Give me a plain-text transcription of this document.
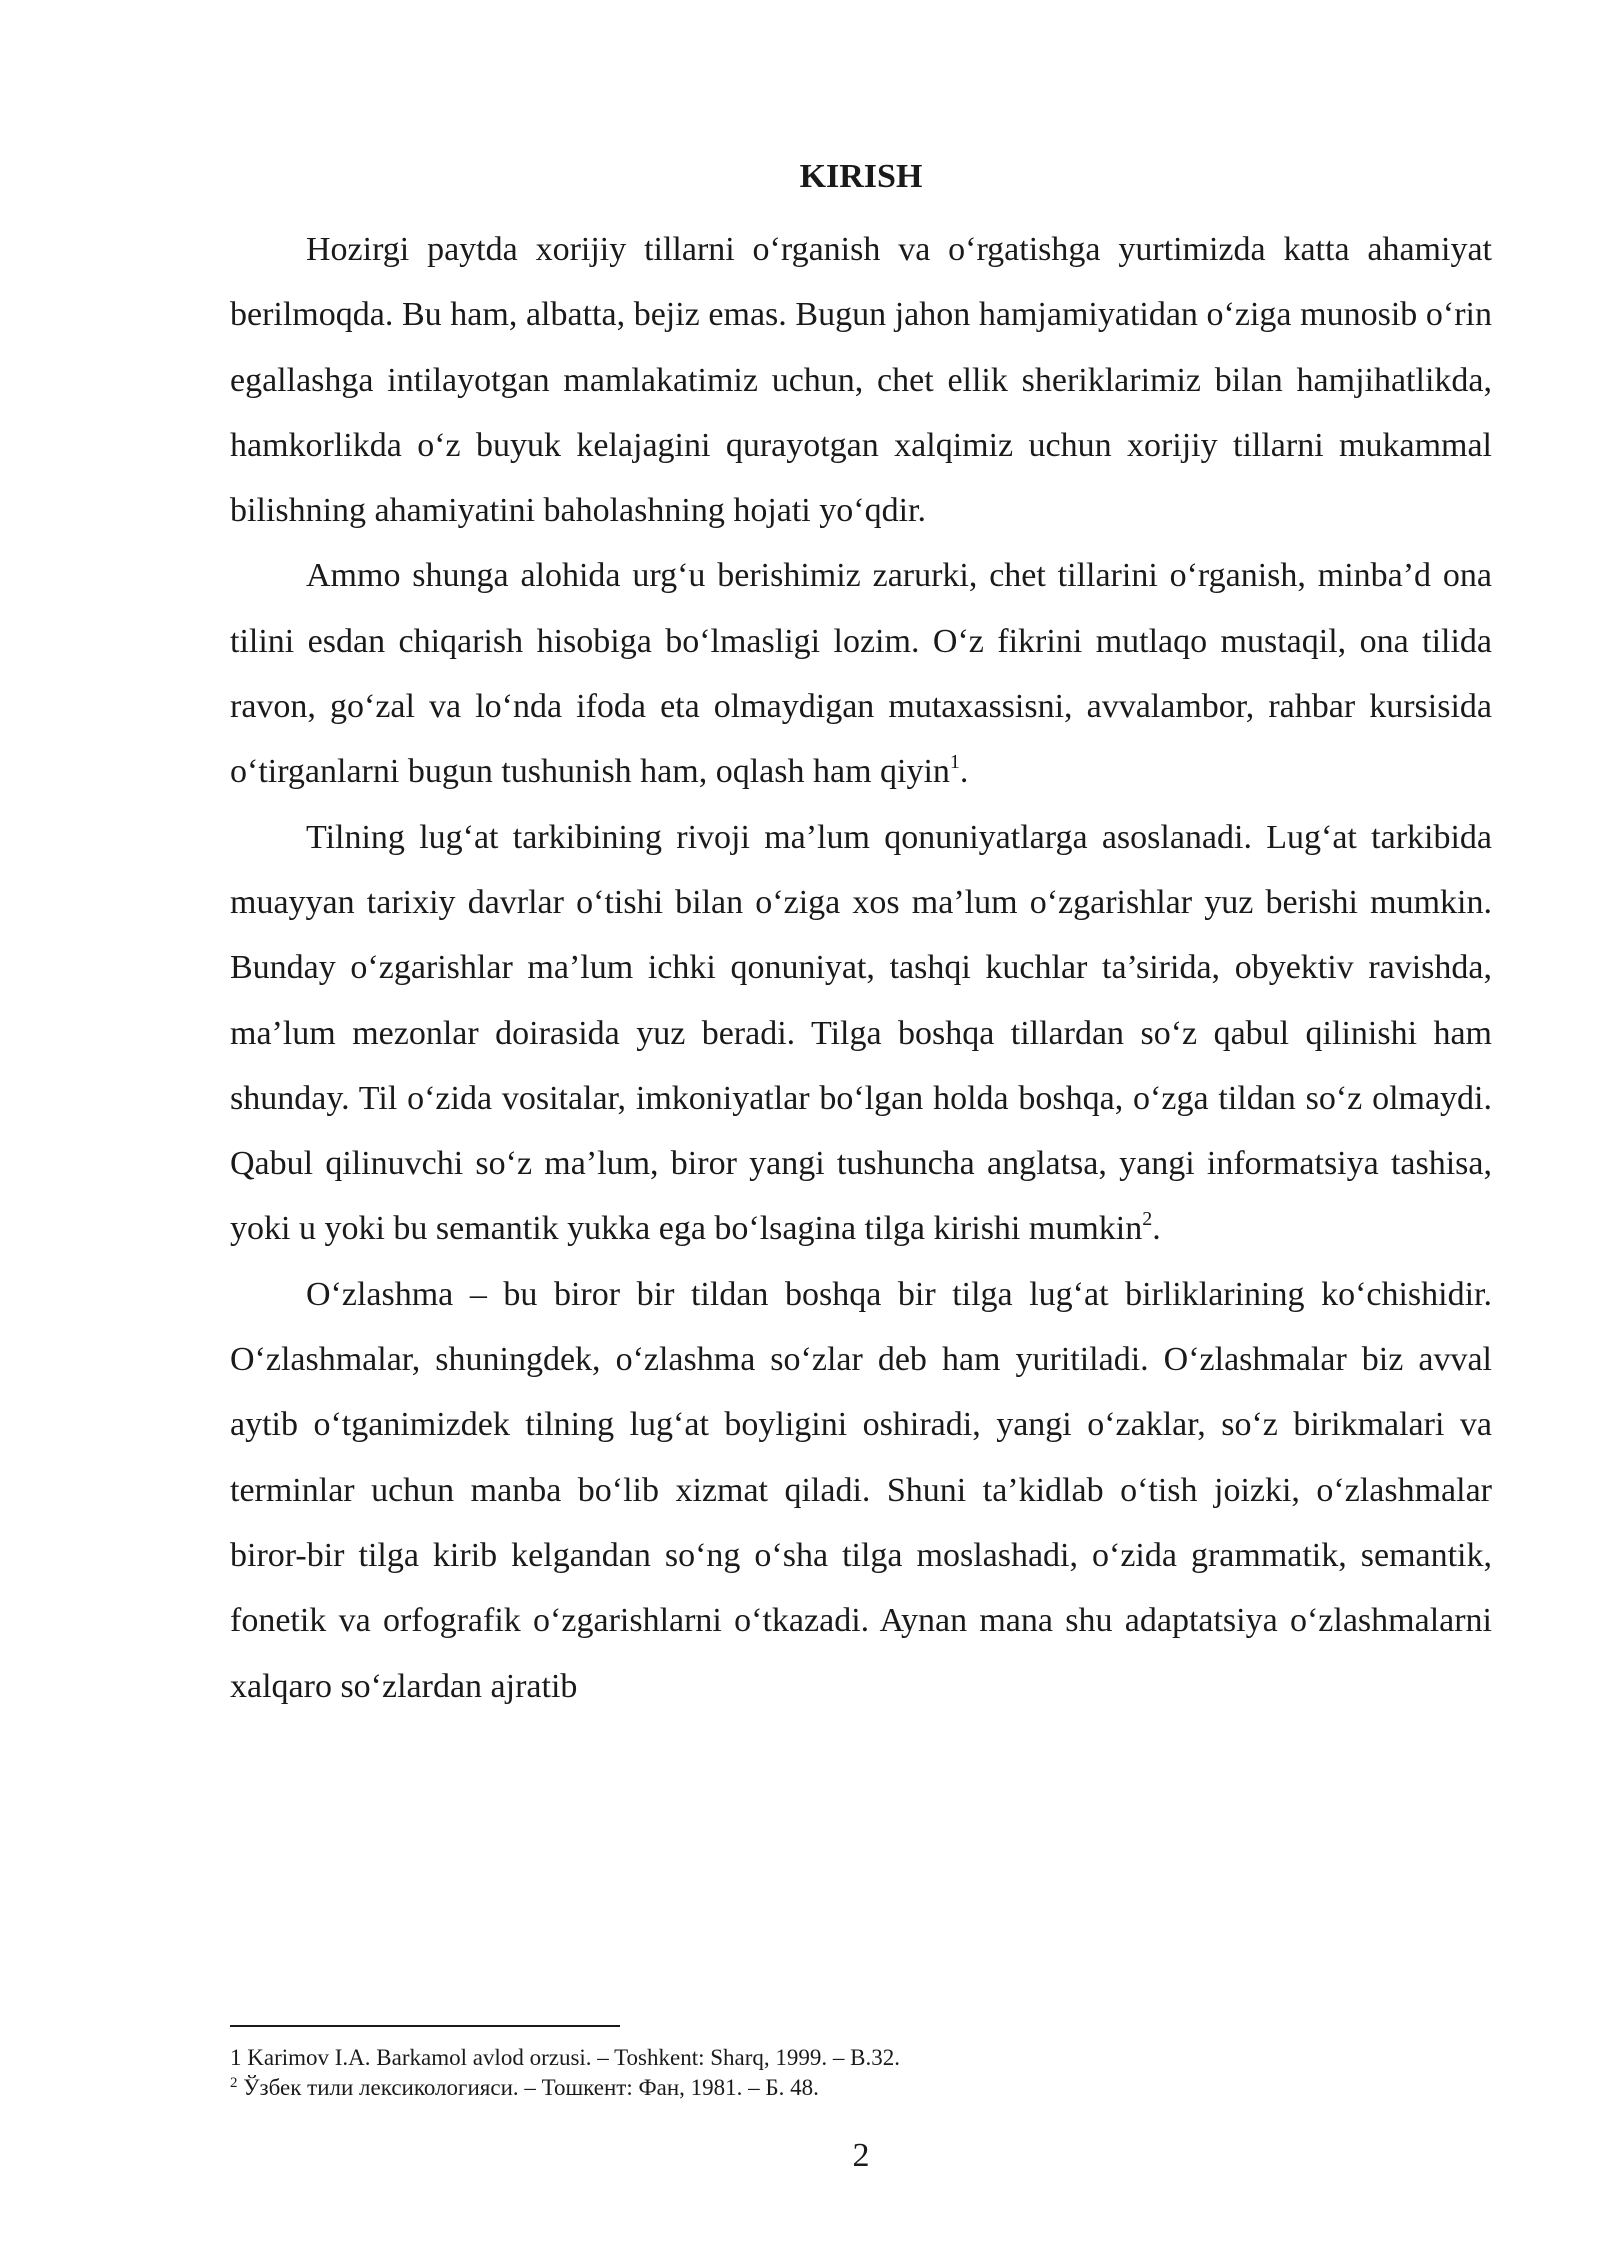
KIRISH

Hozirgi paytda xorijiy tillarni o‘rganish va o‘rgatishga yurtimizda katta ahamiyat berilmoqda. Bu ham, albatta, bejiz emas. Bugun jahon hamjamiyatidan o‘ziga munosib o‘rin egallashga intilayotgan mamlakatimiz uchun, chet ellik sheriklarimiz bilan hamjihatlikda, hamkorlikda o‘z buyuk kelajagini qurayotgan xalqimiz uchun xorijiy tillarni mukammal bilishning ahamiyatini baholashning hojati yo‘qdir.

Ammo shunga alohida urg‘u berishimiz zarurki, chet tillarini o‘rganish, minba’d ona tilini esdan chiqarish hisobiga bo‘lmasligi lozim. O‘z fikrini mutlaqo mustaqil, ona tilida ravon, go‘zal va lo‘nda ifoda eta olmaydigan mutaxassisni, avvalambor, rahbar kursisida o‘tirganlarni bugun tushunish ham, oqlash ham qiyin$^1$.

Tilning lug‘at tarkibining rivoji ma’lum qonuniyatlarga asoslanadi. Lug‘at tarkibida muayyan tarixiy davrlar o‘tishi bilan o‘ziga xos ma’lum o‘zgarishlar yuz berishi mumkin. Bunday o‘zgarishlar ma’lum ichki qonuniyat, tashqi kuchlar ta’sirida, obyektiv ravishda, ma’lum mezonlar doirasida yuz beradi. Tilga boshqa tillardan so‘z qabul qilinishi ham shunday. Til o‘zida vositalar, imkoniyatlar bo‘lgan holda boshqa, o‘zga tildan so‘z olmaydi. Qabul qilinuvchi so‘z ma’lum, biror yangi tushuncha anglatsa, yangi informatsiya tashisa, yoki u yoki bu semantik yukka ega bo‘lsagina tilga kirishi mumkin$^2$.

O‘zlashma – bu biror bir tildan boshqa bir tilga lug‘at birliklarining ko‘chishidir. O‘zlashmalar, shuningdek, o‘zlashma so‘zlar deb ham yuritiladi. O‘zlashmalar biz avval aytib o‘tganimizdek tilning lug‘at boyligini oshiradi, yangi o‘zaklar, so‘z birikmalari va terminlar uchun manba bo‘lib xizmat qiladi. Shuni ta’kidlab o‘tish joizki, o‘zlashmalar biror-bir tilga kirib kelgandan so‘ng o‘sha tilga moslashadi, o‘zida grammatik, semantik, fonetik va orfografik o‘zgarishlarni o‘tkazadi. Aynan mana shu adaptatsiya o‘zlashmalarni xalqaro so‘zlardan ajratib

1 Karimov I.A. Barkamol avlod orzusi. – Toshkent: Sharq, 1999. – B.32.

$^2$ Ўзбек тили лексикологияси. – Тошкент: Фан, 1981. – Б. 48.

2
